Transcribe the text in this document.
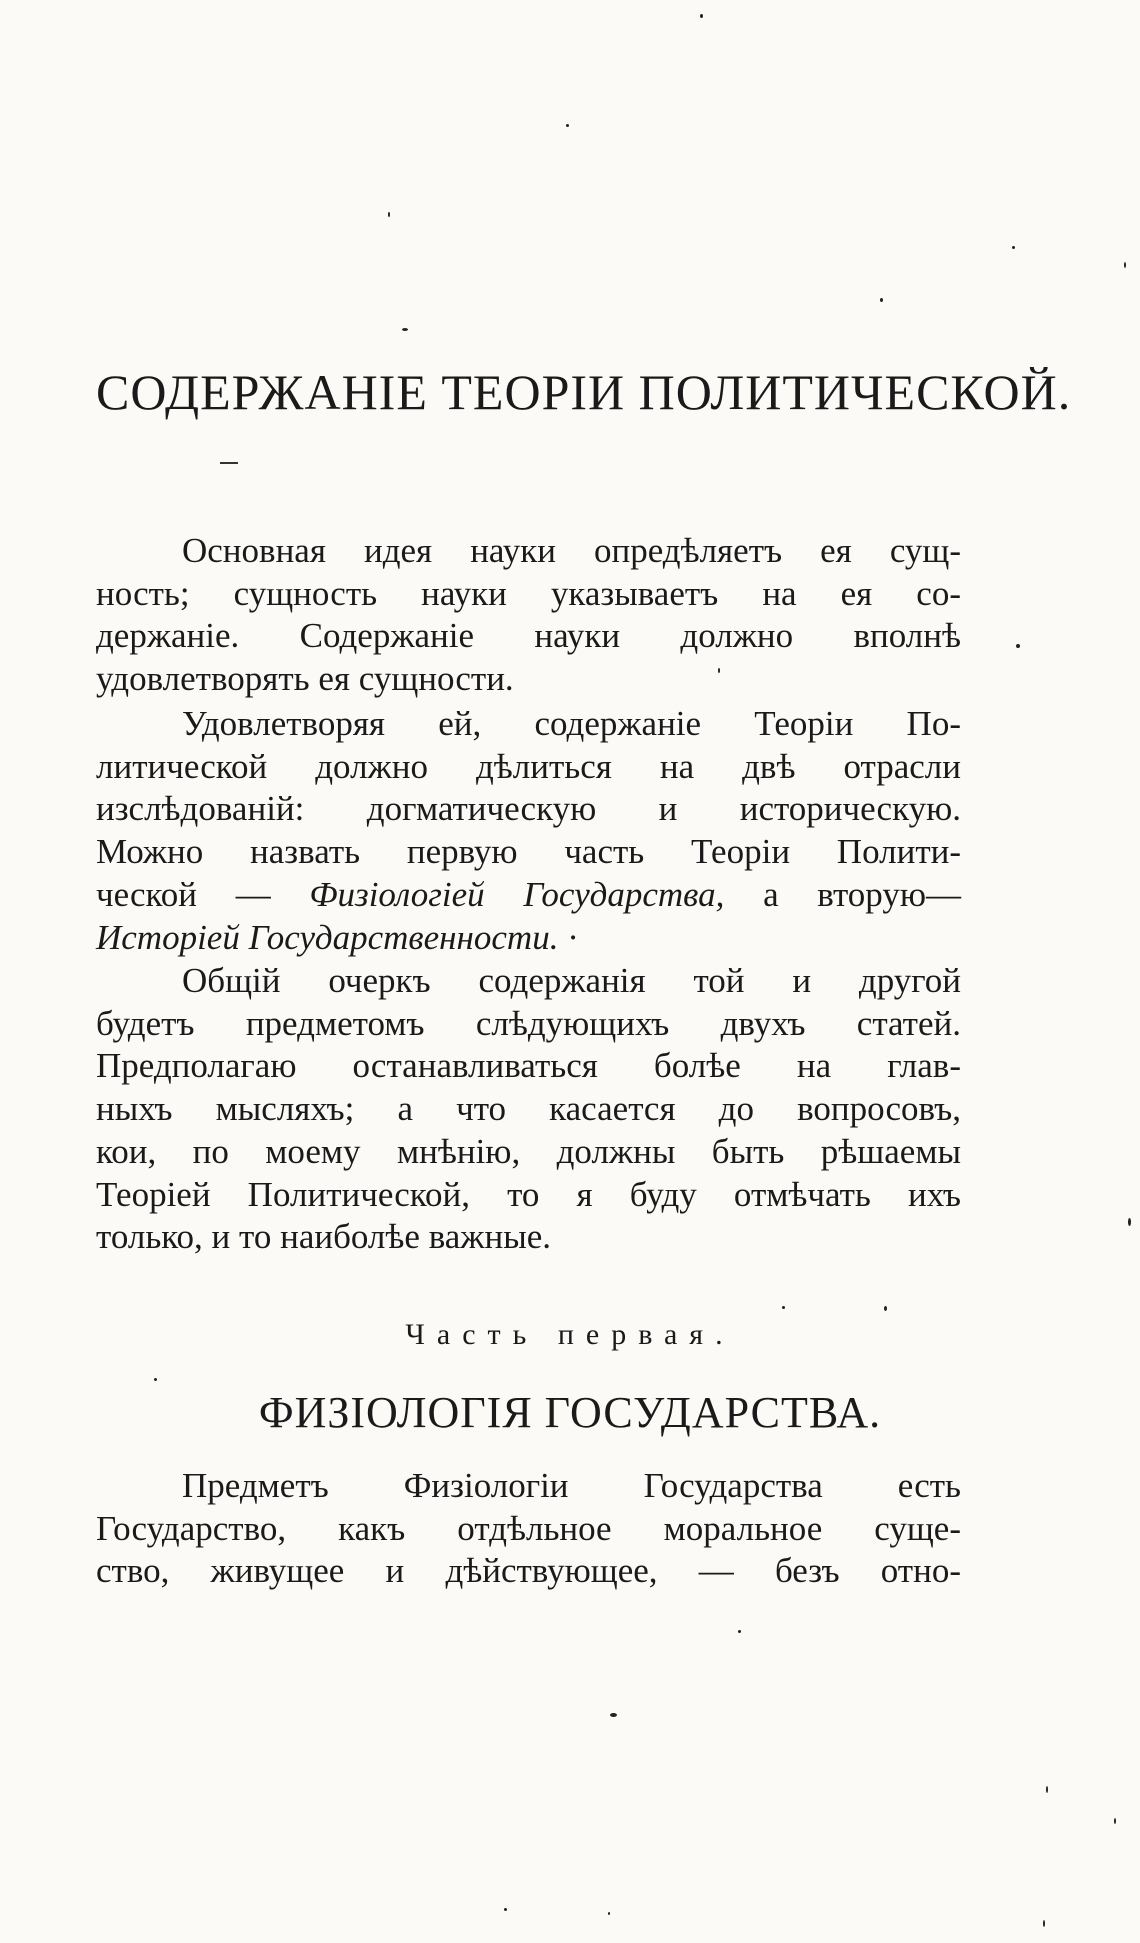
СОДЕРЖАНІЕ ТЕОРІИ ПОЛИТИЧЕСКОЙ.
Основная идея науки опредѣляетъ ея сущ-
ность; сущность науки указываетъ на ея со-
держаніе. Содержаніе науки должно вполнѣ
удовлетворять ея сущности.
Удовлетворяя ей, содержаніе Теоріи По-
литической должно дѣлиться на двѣ отрасли
изслѣдованій: догматическую и историческую.
Можно назвать первую часть Теоріи Полити-
ческой — Физіологіей Государства, а вторую—
Исторіей Государственности. ·
Общій очеркъ содержанія той и другой
будетъ предметомъ слѣдующихъ двухъ статей.
Предполагаю останавливаться болѣе на глав-
ныхъ мысляхъ; а что касается до вопросовъ,
кои, по моему мнѣнію, должны быть рѣшаемы
Теоріей Политической, то я буду отмѣчать ихъ
только, и то наиболѣе важные.
Часть первая.
ФИЗІОЛОГІЯ ГОСУДАРСТВА.
Предметъ Физіологіи Государства есть
Государство, какъ отдѣльное моральное суще-
ство, живущее и дѣйствующее, — безъ отно-
